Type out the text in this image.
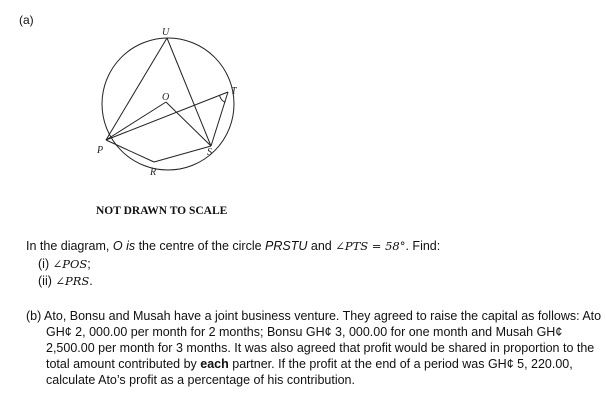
(a)
U
O
T
P	S
R
NOT DRAWN TO SCALE
In the diagram, O is the centre of the circle PRSTU and ∠PTS = 58°. Find:
(i) ∠POS;
(ii) ∠PRS.
(b) Ato, Bonsu and Musah have a joint business venture. They agreed to raise the capital as follows: Ato GH¢ 2, 000.00 per month for 2 months; Bonsu GH¢ 3, 000.00 for one month and Musah GH¢ 2,500.00 per month for 3 months. It was also agreed that profit would be shared in proportion to the total amount contributed by each partner. If the profit at the end of a period was GH¢ 5, 220.00, calculate Ato’s profit as a percentage of his contribution.
